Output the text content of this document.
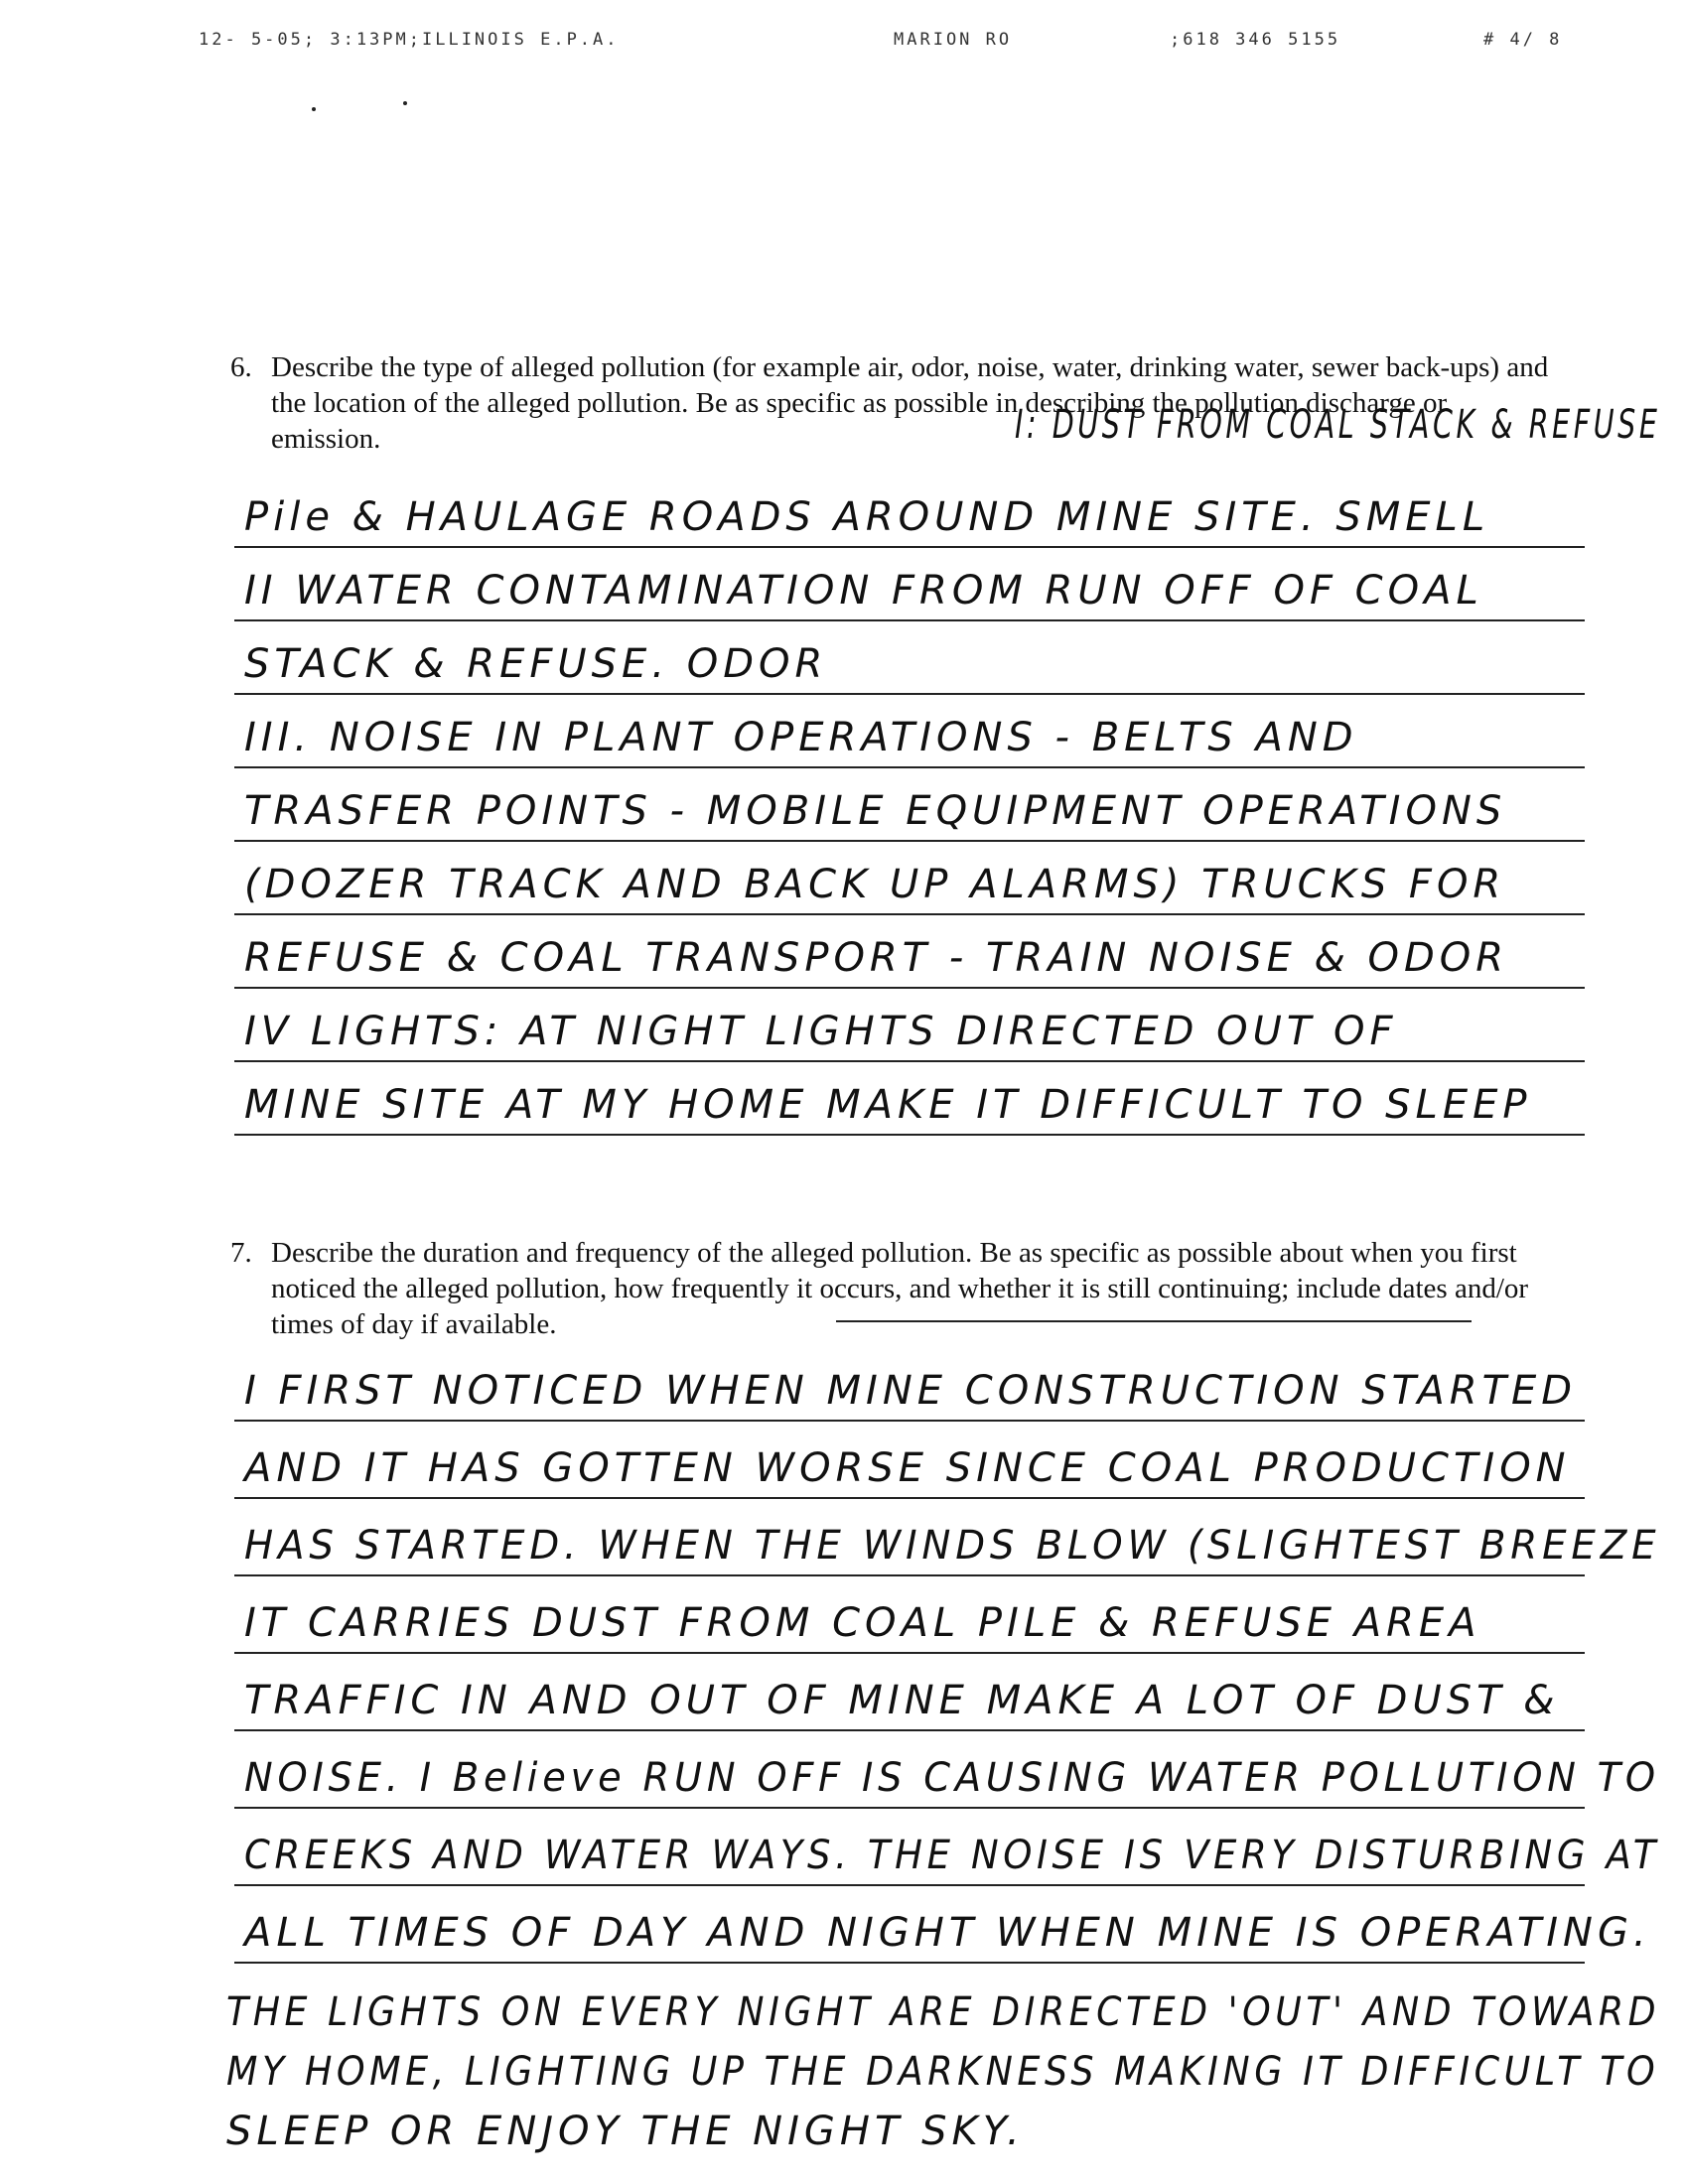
12- 5-05; 3:13PM;ILLINOIS E.P.A.	MARION RO	;618 346 5155	# 4/ 8
6. Describe the type of alleged pollution (for example air, odor, noise, water, drinking water, sewer back-ups) and the location of the alleged pollution. Be as specific as possible in describing the pollution discharge or emission.	I: DUST FROM COAL STACK & REFUSE
Pile & HAULAGE ROADS AROUND MINE SITE. SMELL
II WATER CONTAMINATION FROM RUN OFF OF COAL
STACK & REFUSE. ODOR
III. NOISE IN PLANT OPERATIONS - BELTS AND
TRASFER POINTS - MOBILE EQUIPMENT OPERATIONS
(DOZER TRACK AND BACK UP ALARMS) TRUCKS FOR
REFUSE & COAL TRANSPORT - TRAIN NOISE & ODOR
IV LIGHTS: AT NIGHT LIGHTS DIRECTED OUT OF
MINE SITE AT MY HOME MAKE IT DIFFICULT TO SLEEP
7. Describe the duration and frequency of the alleged pollution. Be as specific as possible about when you first noticed the alleged pollution, how frequently it occurs, and whether it is still continuing; include dates and/or times of day if available.
I FIRST NOTICED WHEN MINE CONSTRUCTION STARTED
AND IT HAS GOTTEN WORSE SINCE COAL PRODUCTION
HAS STARTED. WHEN THE WINDS BLOW (SLIGHTEST BREEZE
IT CARRIES DUST FROM COAL PILE & REFUSE AREA
TRAFFIC IN AND OUT OF MINE MAKE A LOT OF DUST &
NOISE. I Believe RUN OFF IS CAUSING WATER POLLUTION TO
CREEKS AND WATER WAYS. THE NOISE IS VERY DISTURBING AT
ALL TIMES OF DAY AND NIGHT WHEN MINE IS OPERATING.
THE LIGHTS ON EVERY NIGHT ARE DIRECTED 'OUT' AND TOWARD
MY HOME, LIGHTING UP THE DARKNESS MAKING IT DIFFICULT TO
SLEEP OR ENJOY THE NIGHT SKY.
